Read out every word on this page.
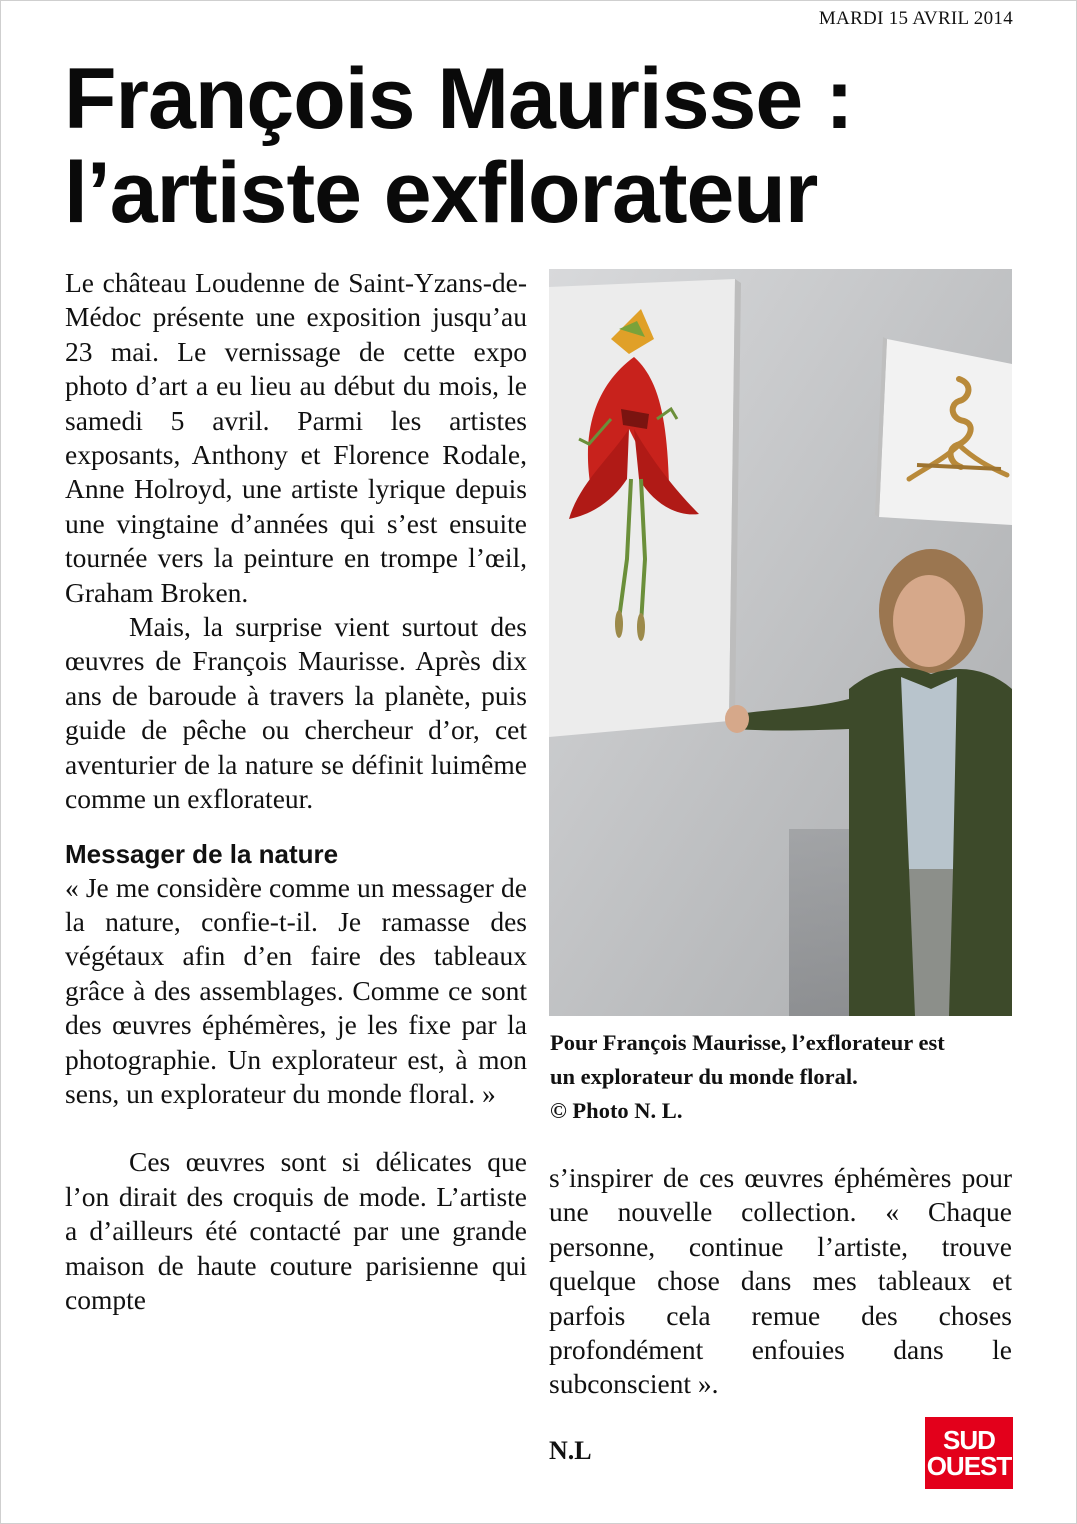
MARDI 15 AVRIL 2014
François Maurisse :
l’artiste exflorateur

Le château Loudenne de Saint-Yzans-de-Médoc présente une exposition jusqu’au 23 mai. Le vernissage de cette expo photo d’art a eu lieu au début du mois, le samedi 5 avril. Parmi les artistes exposants, Anthony et Florence Rodale, Anne Holroyd, une artiste lyrique depuis une vingtaine d’années qui s’est ensuite tournée vers la peinture en trompe l’œil, Graham Broken.

Mais, la surprise vient surtout des œuvres de François Maurisse. Après dix ans de baroude à travers la planète, puis guide de pêche ou chercheur d’or, cet aventurier de la nature se définit luimême comme un exflorateur.

Messager de la nature

« Je me considère comme un messager de la nature, confie-t-il. Je ramasse des végétaux afin d’en faire des tableaux grâce à des assemblages. Comme ce sont des œuvres éphémères, je les fixe par la photographie. Un explorateur est, à mon sens, un explorateur du monde floral. »

Ces œuvres sont si délicates que l’on dirait des croquis de mode. L’artiste a d’ailleurs été contacté par une grande maison de haute couture parisienne qui compte

Pour François Maurisse, l’exflorateur est

un explorateur du monde floral.

© Photo N. L.

s’inspirer de ces œuvres éphémères pour une nouvelle collection. « Chaque personne, continue l’artiste, trouve quelque chose dans mes tableaux et parfois cela remue des choses profondément enfouies dans le subconscient ».

N.L	SUD
OUEST
